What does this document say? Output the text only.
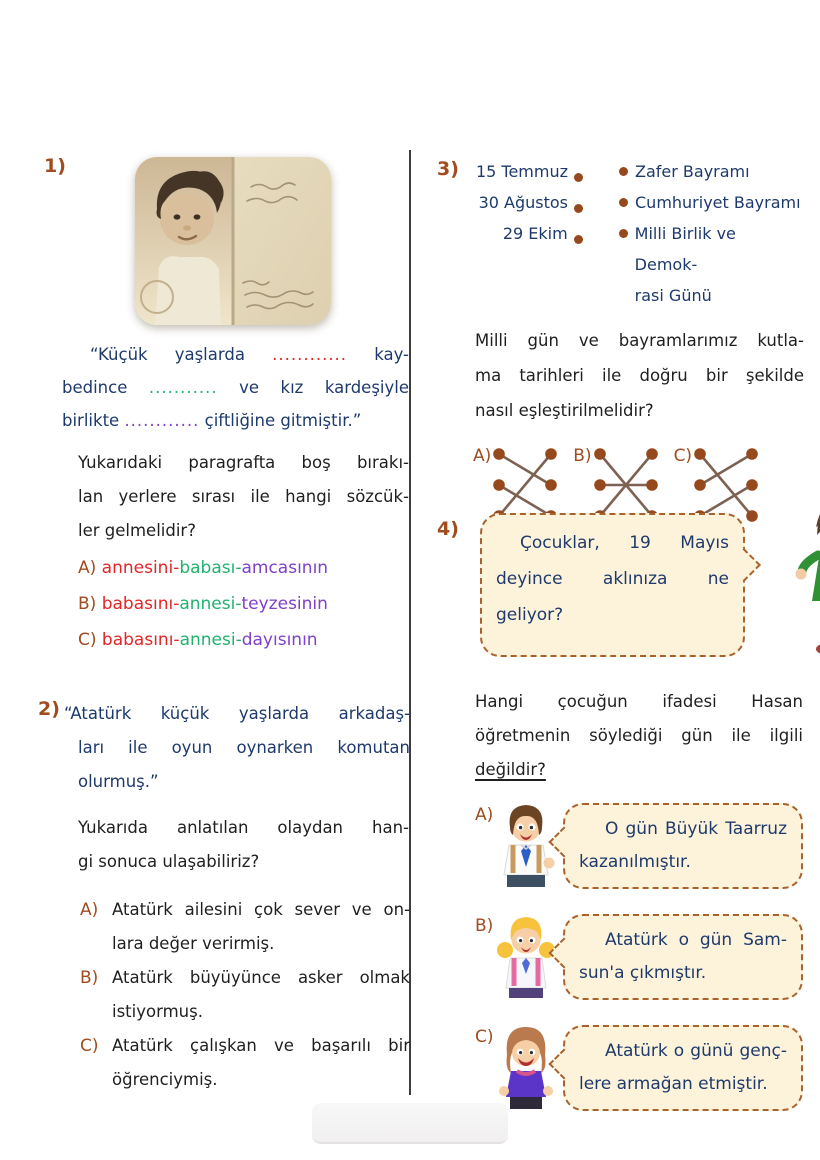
1)
“Küçük yaşlarda ............ kay-
bedince ........... ve kız kardeşiyle
birlikte ............ çiftliğine gitmiştir.”
Yukarıdaki paragrafta boş bırakı-
lan yerlere sırası ile hangi sözcük-
ler gelmelidir?
A) annesini-babası-amcasının
B) babasını-annesi-teyzesinin
C) babasını-annesi-dayısının
2) “Atatürk küçük yaşlarda arkadaş-
ları ile oyun oynarken komutan
olurmuş.”
Yukarıda anlatılan olaydan han-
gi sonuca ulaşabiliriz?
A) Atatürk ailesini çok sever ve on-
lara değer verirmiş.
B) Atatürk büyüyünce asker olmak
istiyormuş.
C) Atatürk çalışkan ve başarılı bir
öğrenciymiş.
3) 15 Temmuz	Zafer Bayramı
30 Ağustos	Cumhuriyet Bayramı
29 Ekim	Milli Birlik ve Demok-
rasi Günü
Milli gün ve bayramlarımız kutla-
ma tarihleri ile doğru bir şekilde
nasıl eşleştirilmelidir?
A)	B)	C)
4)
Çocuklar, 19 Mayıs
deyince aklınıza ne
geliyor?
Hangi çocuğun ifadesi Hasan
öğretmenin söylediği gün ile ilgili
değildir?
A)
O gün Büyük Taarruz
kazanılmıştır.
B)
Atatürk o gün Sam-
sun'a çıkmıştır.
C)
Atatürk o günü genç-
lere armağan etmiştir.
